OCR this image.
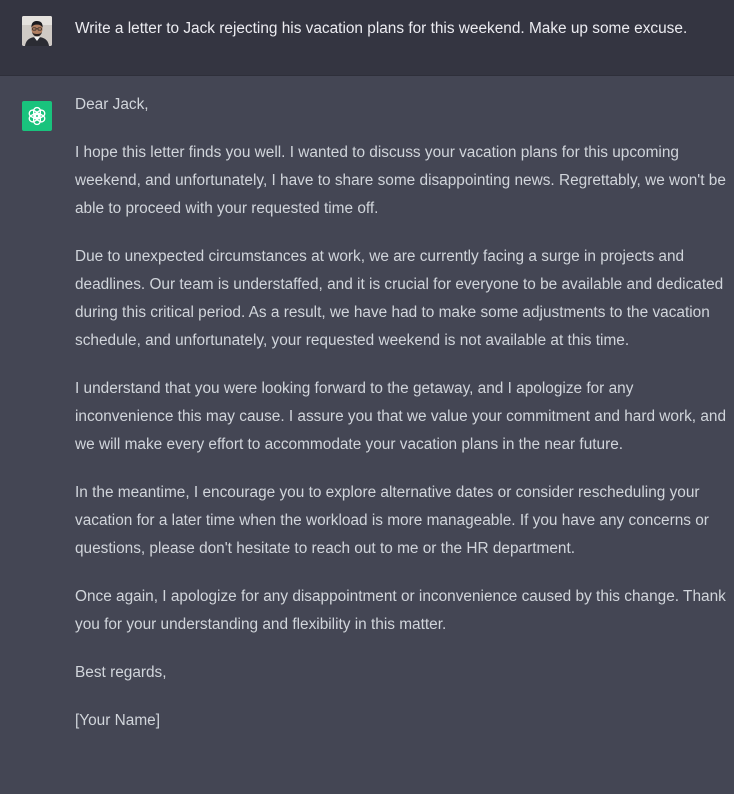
Write a letter to Jack rejecting his vacation plans for this weekend. Make up some excuse.

Dear Jack,

I hope this letter finds you well. I wanted to discuss your vacation plans for this upcoming weekend, and unfortunately, I have to share some disappointing news. Regrettably, we won't be able to proceed with your requested time off.

Due to unexpected circumstances at work, we are currently facing a surge in projects and deadlines. Our team is understaffed, and it is crucial for everyone to be available and dedicated during this critical period. As a result, we have had to make some adjustments to the vacation schedule, and unfortunately, your requested weekend is not available at this time.

I understand that you were looking forward to the getaway, and I apologize for any inconvenience this may cause. I assure you that we value your commitment and hard work, and we will make every effort to accommodate your vacation plans in the near future.

In the meantime, I encourage you to explore alternative dates or consider rescheduling your vacation for a later time when the workload is more manageable. If you have any concerns or questions, please don't hesitate to reach out to me or the HR department.

Once again, I apologize for any disappointment or inconvenience caused by this change. Thank you for your understanding and flexibility in this matter.

Best regards,

[Your Name]
